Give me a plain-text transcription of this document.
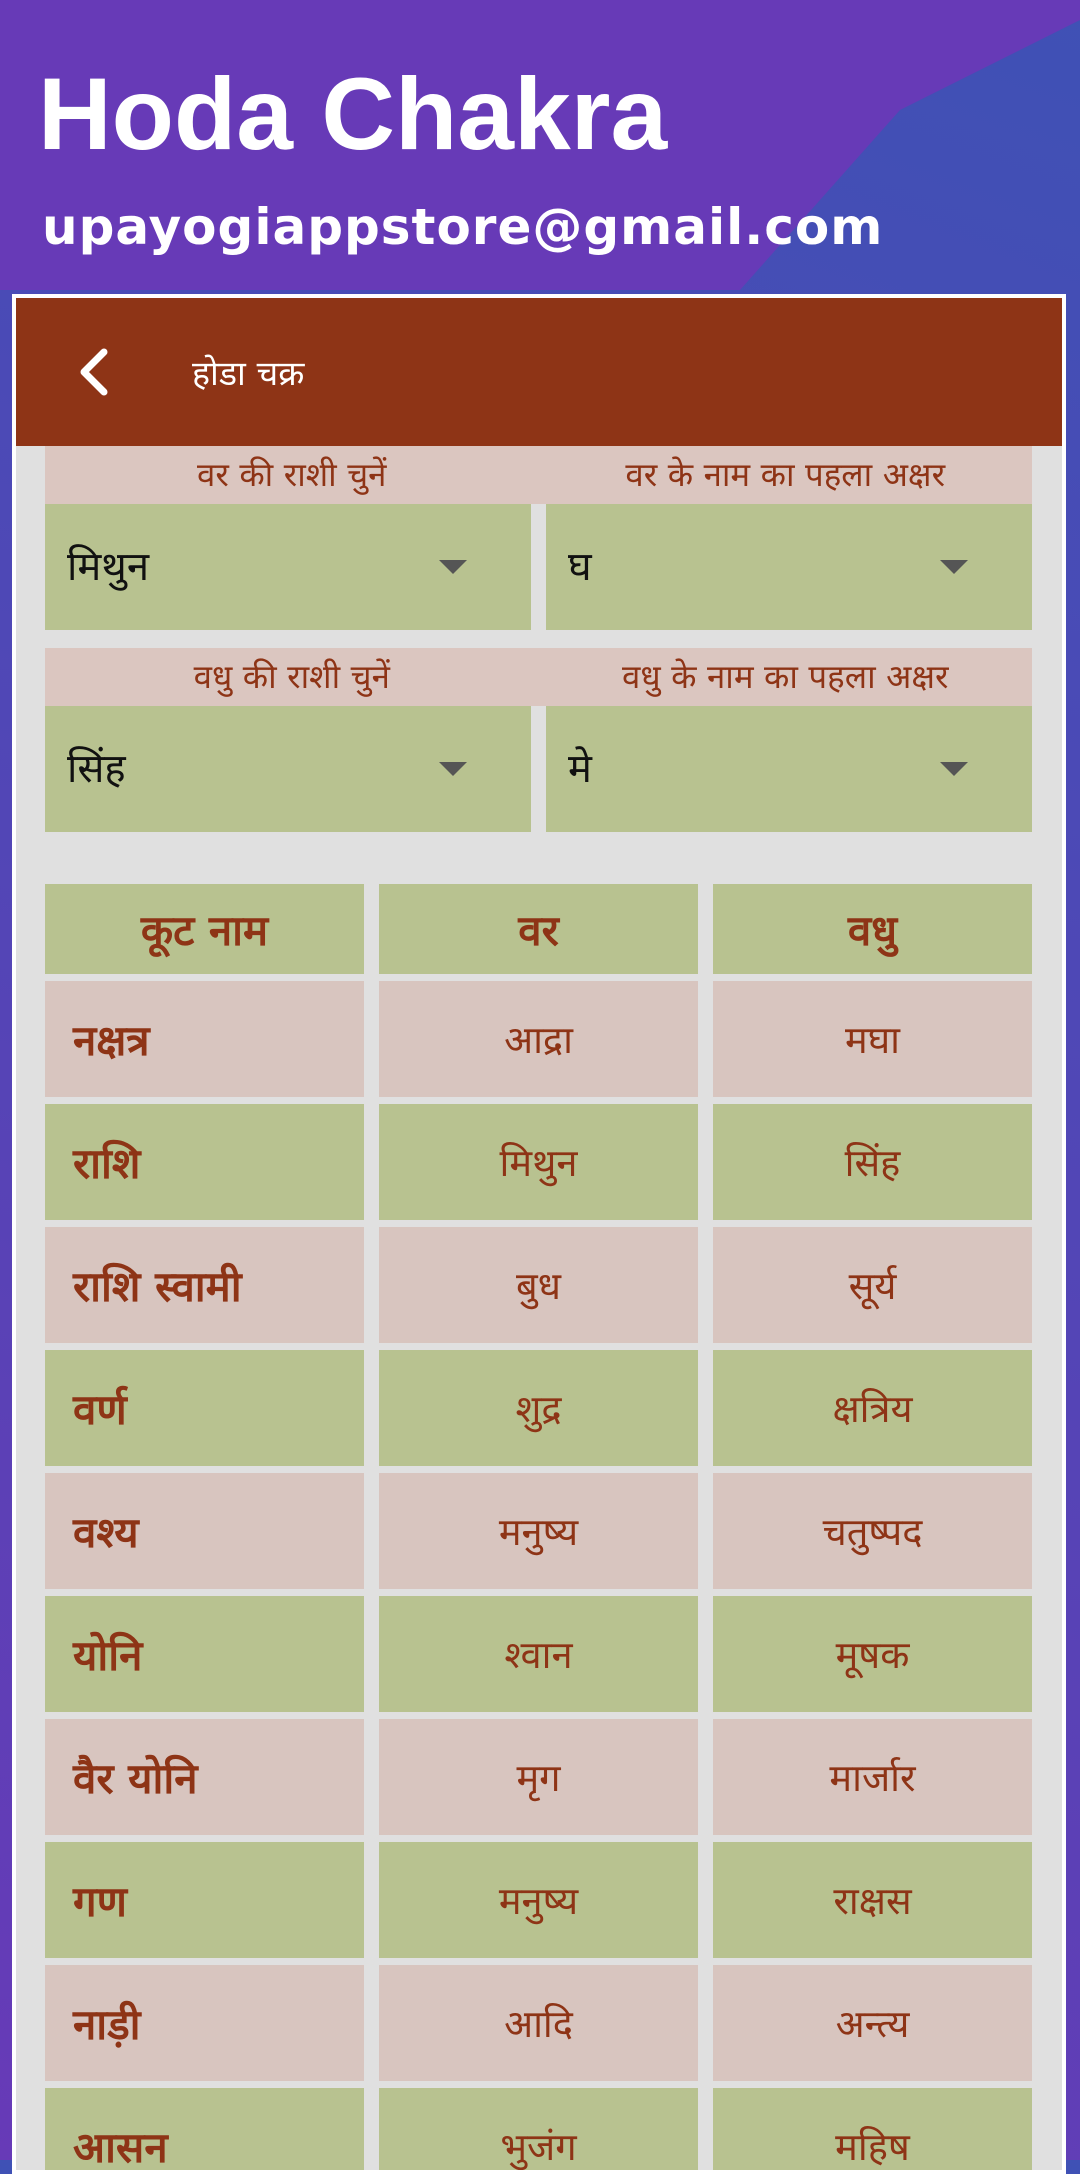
Hoda Chakra
upayogiappstore@gmail.com
होडा चक्र
वर की राशी चुनें	वर के नाम का पहला अक्षर
मिथुन	घ
वधु की राशी चुनें	वधु के नाम का पहला अक्षर
सिंह	मे
कूट नाम	वर	वधु
नक्षत्र	आद्रा	मघा
राशि	मिथुन	सिंह
राशि स्वामी	बुध	सूर्य
वर्ण	शुद्र	क्षत्रिय
वश्य	मनुष्य	चतुष्पद
योनि	श्वान	मूषक
वैर योनि	मृग	मार्जार
गण	मनुष्य	राक्षस
नाड़ी	आदि	अन्त्य
आसन	भुजंग	महिष
